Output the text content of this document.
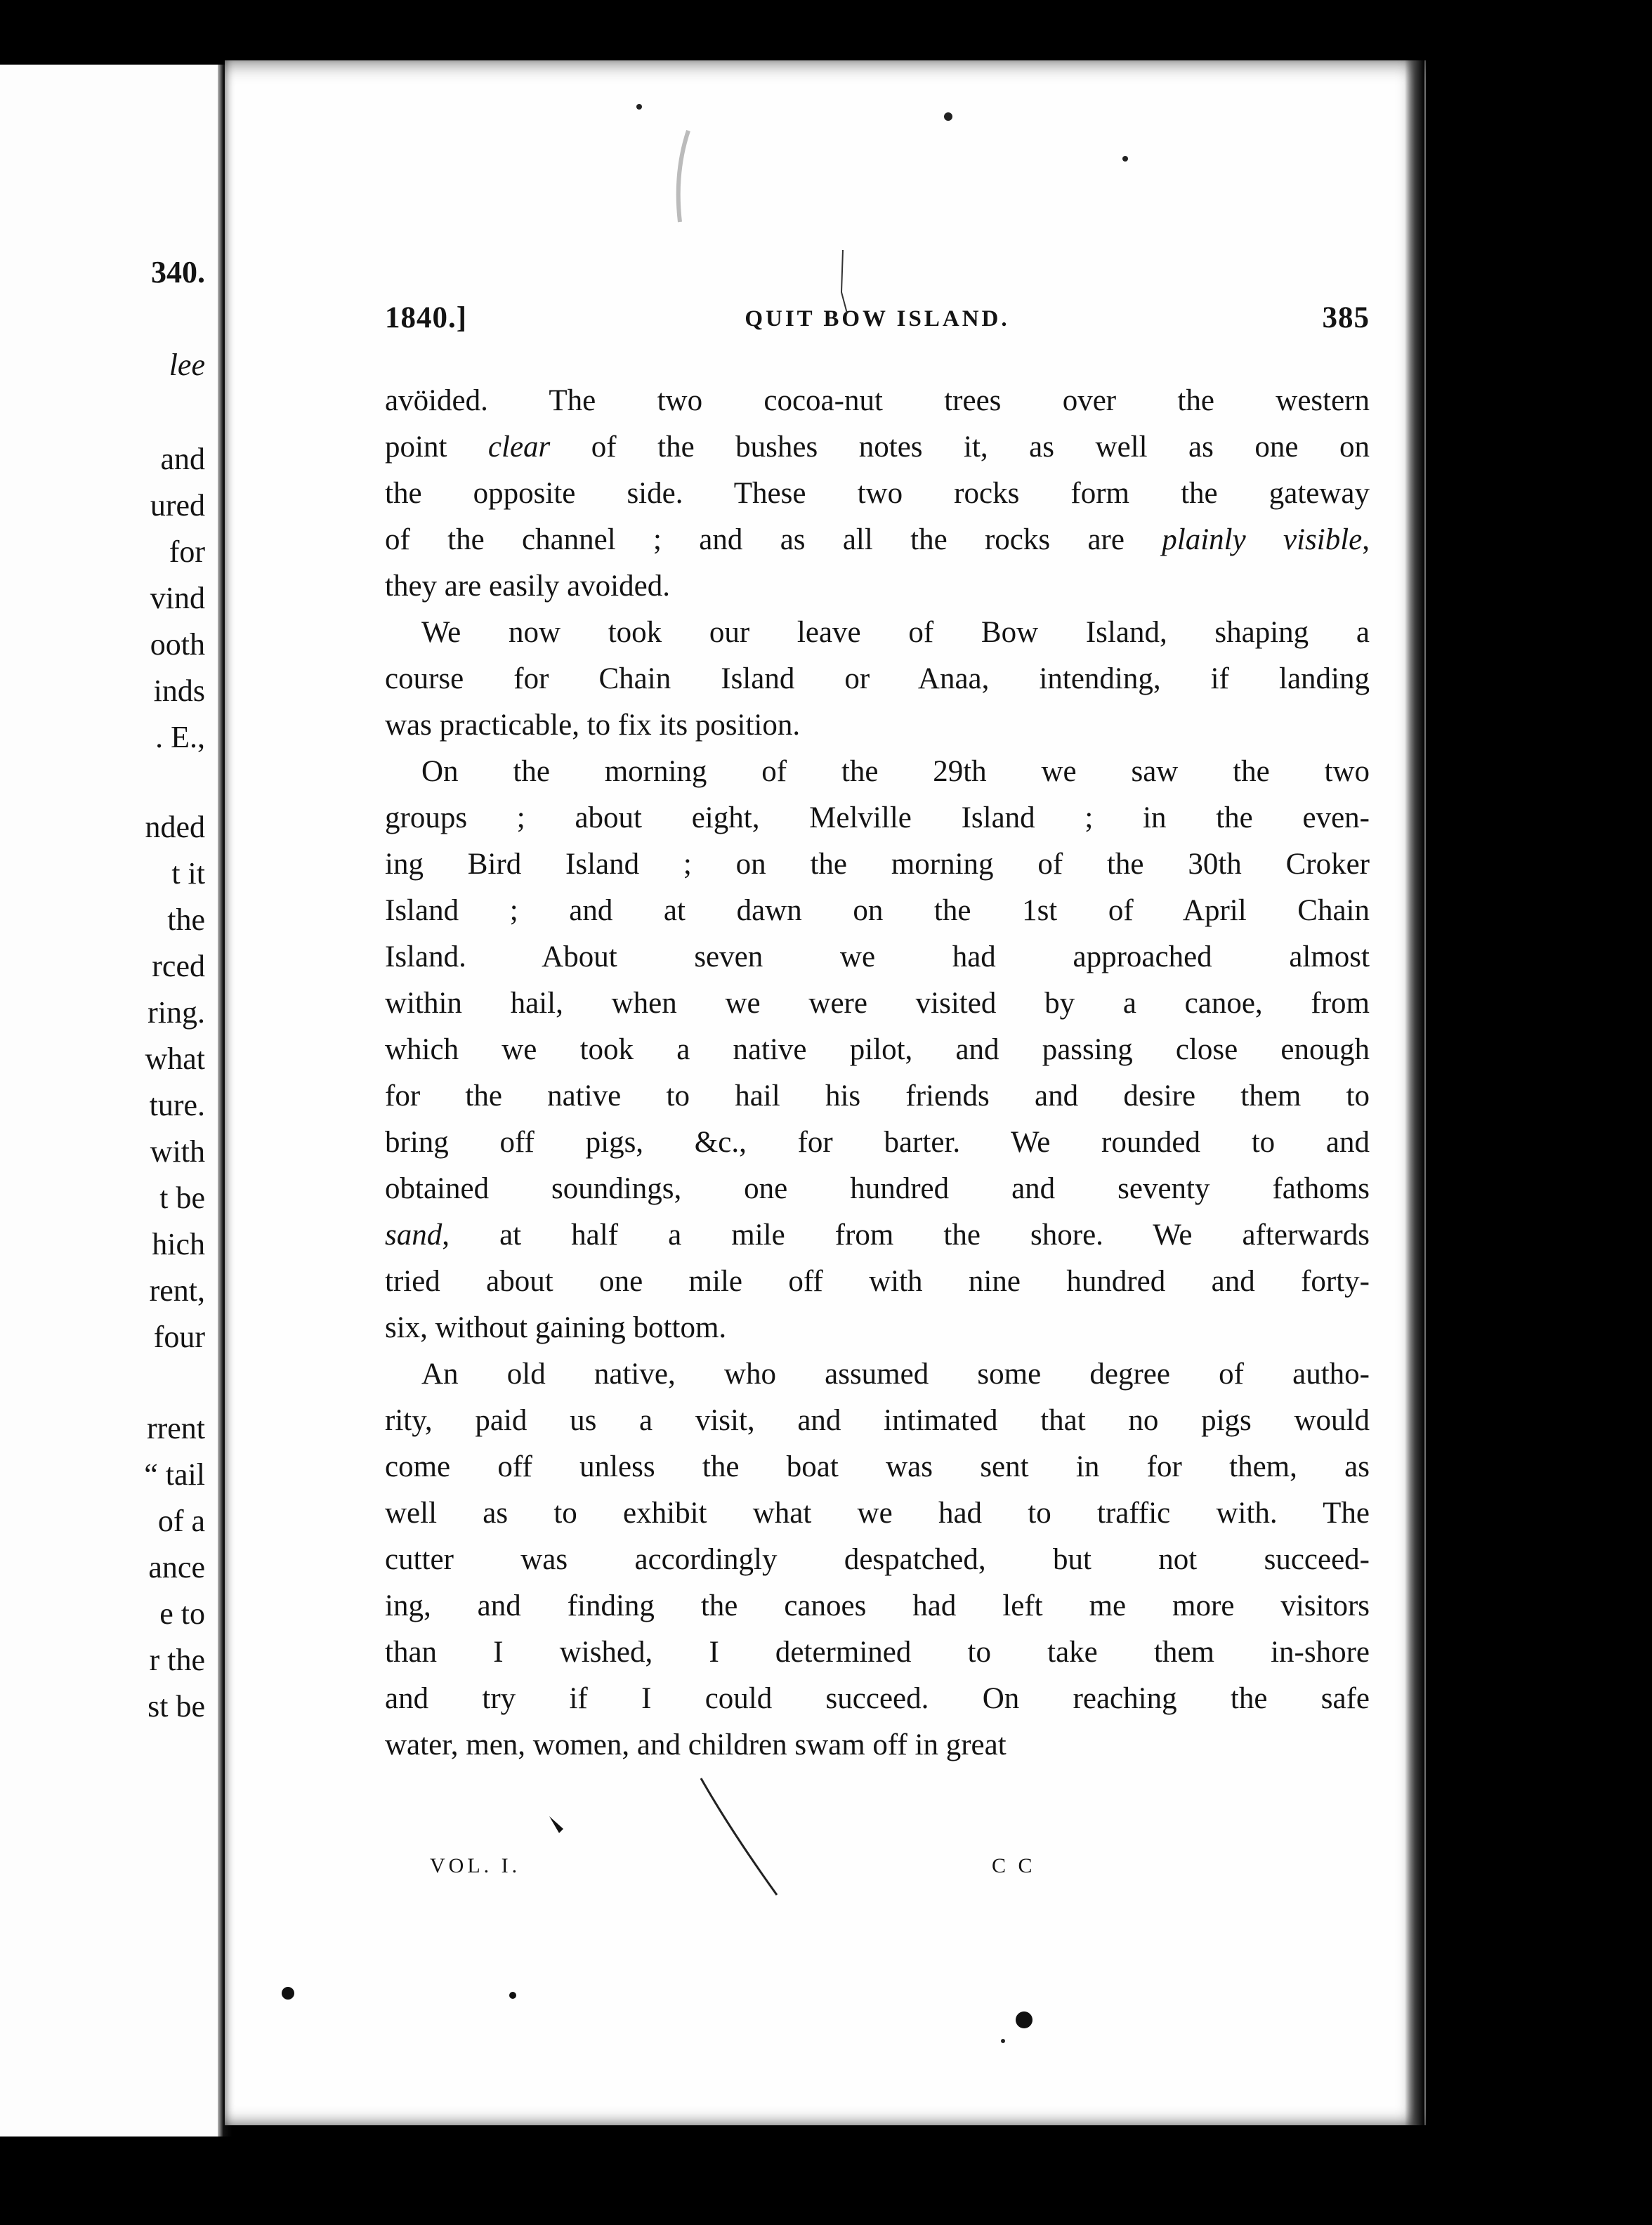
340.
lee
and
ured
for
vind
ooth
inds
. E.,
nded
t it
the
rced
ring.
what
ture.
with
t be
hich
rent,
four
rrent
“ tail
of a
ance
e to
r the
st be
1840.]	QUIT BOW ISLAND.	385
avöided. The two cocoa-nut trees over the western
point clear of the bushes notes it, as well as one on
the opposite side. These two rocks form the gateway
of the channel ; and as all the rocks are plainly visible,
they are easily avoided.
We now took our leave of Bow Island, shaping a
course for Chain Island or Anaa, intending, if landing
was practicable, to fix its position.
On the morning of the 29th we saw the two
groups ; about eight, Melville Island ; in the even-
ing Bird Island ; on the morning of the 30th Croker
Island ; and at dawn on the 1st of April Chain
Island. About seven we had approached almost
within hail, when we were visited by a canoe, from
which we took a native pilot, and passing close enough
for the native to hail his friends and desire them to
bring off pigs, &c., for barter. We rounded to and
obtained soundings, one hundred and seventy fathoms
sand, at half a mile from the shore. We afterwards
tried about one mile off with nine hundred and forty-
six, without gaining bottom.
An old native, who assumed some degree of autho-
rity, paid us a visit, and intimated that no pigs would
come off unless the boat was sent in for them, as
well as to exhibit what we had to traffic with. The
cutter was accordingly despatched, but not succeed-
ing, and finding the canoes had left me more visitors
than I wished, I determined to take them in-shore
and try if I could succeed. On reaching the safe
water, men, women, and children swam off in great
VOL. I.	C C
